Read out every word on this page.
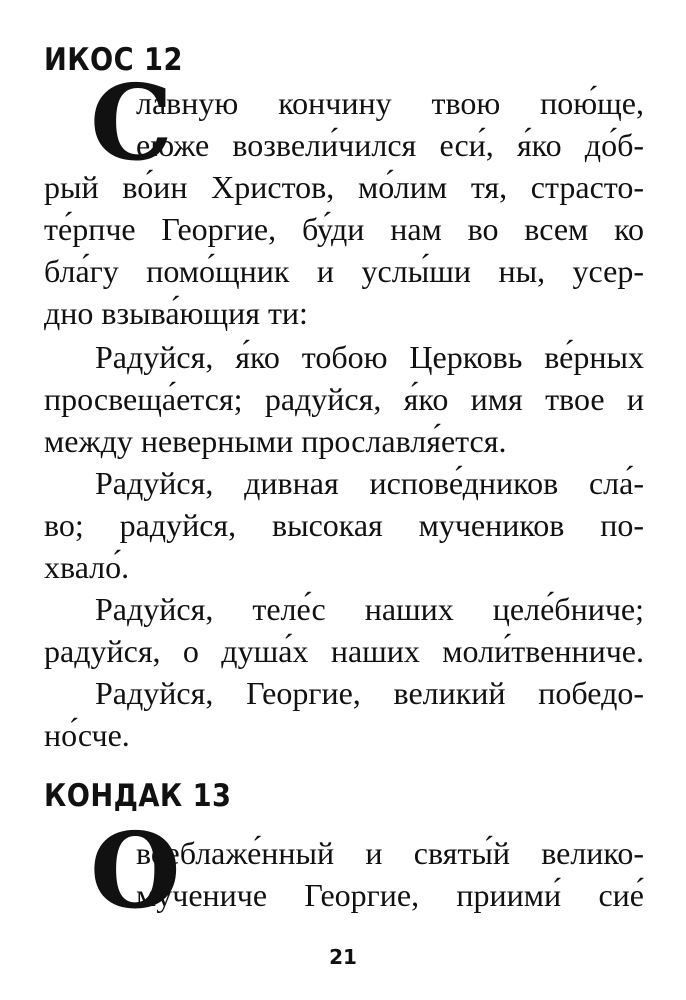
ИКОС 12
С
лавную кончину твою пою́ще,
еюже возвели́чился еси́, я́ко до́б-
рый во́ин Христов, мо́лим тя, страсто-
те́рпче Георгие, бу́ди нам во всем ко
бла́гу помо́щник и услы́ши ны, усер-
дно взыва́ющия ти:
Радуйся, я́ко тобою Церковь ве́рных
просвеща́ется; радуйся, я́ко имя твое и
между неверными прославля́ется.
Радуйся, дивная испове́дников сла́-
во; радуйся, высокая мучеников по-
хвало́.
Радуйся, теле́с наших целе́бниче;
радуйся, о душа́х наших моли́твенниче.
Радуйся, Георгие, великий победо-
но́сче.
КОНДАК 13
О
всеблаже́нный и святы́й велико-
му́чениче Георгие, приими́ сие́
21
